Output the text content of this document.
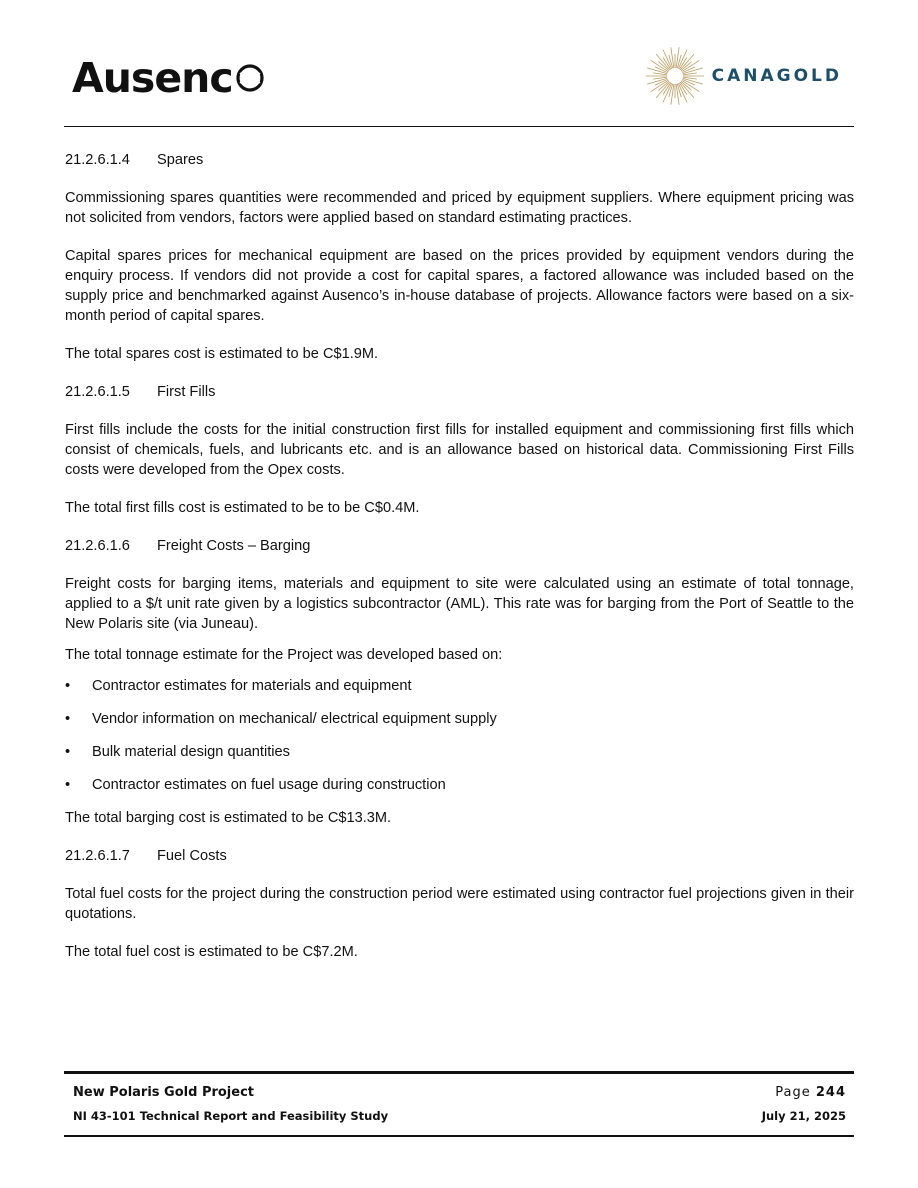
Ausenc	CANAGOLD
21.2.6.1.4	Spares

Commissioning spares quantities were recommended and priced by equipment suppliers. Where equipment pricing was not solicited from vendors, factors were applied based on standard estimating practices.

Capital spares prices for mechanical equipment are based on the prices provided by equipment vendors during the enquiry process. If vendors did not provide a cost for capital spares, a factored allowance was included based on the supply price and benchmarked against Ausenco’s in-house database of projects. Allowance factors were based on a six-month period of capital spares.

The total spares cost is estimated to be C$1.9M.

21.2.6.1.5	First Fills

First fills include the costs for the initial construction first fills for installed equipment and commissioning first fills which consist of chemicals, fuels, and lubricants etc. and is an allowance based on historical data. Commissioning First Fills costs were developed from the Opex costs.

The total first fills cost is estimated to be to be C$0.4M.

21.2.6.1.6	Freight Costs – Barging

Freight costs for barging items, materials and equipment to site were calculated using an estimate of total tonnage, applied to a $/t unit rate given by a logistics subcontractor (AML). This rate was for barging from the Port of Seattle to the New Polaris site (via Juneau).

The total tonnage estimate for the Project was developed based on:

• Contractor estimates for materials and equipment
• Vendor information on mechanical/ electrical equipment supply
• Bulk material design quantities
• Contractor estimates on fuel usage during construction

The total barging cost is estimated to be C$13.3M.

21.2.6.1.7	Fuel Costs

Total fuel costs for the project during the construction period were estimated using contractor fuel projections given in their quotations.

The total fuel cost is estimated to be C$7.2M.

New Polaris Gold Project
NI 43-101 Technical Report and Feasibility Study
Page 244
July 21, 2025
